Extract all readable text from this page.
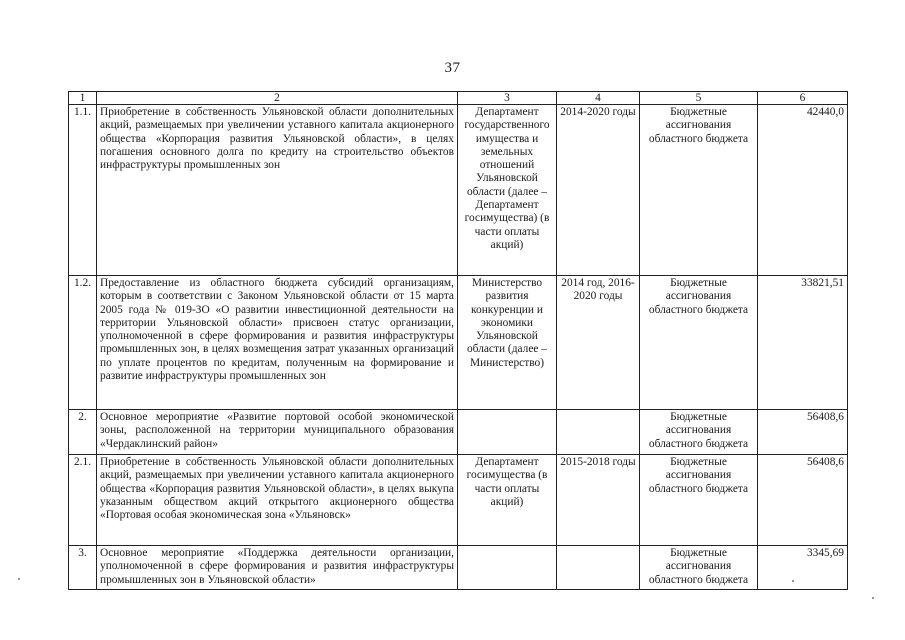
37
1	2	3	4	5	6
1.1.	Приобретение в собственность Ульяновской области дополнительных акций, размещаемых при увеличении уставного капитала акционерного общества «Корпорация развития Ульяновской области», в целях погашения основного долга по кредиту на строительство объектов инфраструктуры промышленных зон	Департамент государственного имущества и земельных отношений Ульяновской области (далее – Департамент госимущества) (в части оплаты акций)	2014-2020 годы	Бюджетные ассигнования областного бюджета	42440,0
1.2.	Предоставление из областного бюджета субсидий организациям, которым в соответствии с Законом Ульяновской области от 15 марта 2005 года № 019-ЗО «О развитии инвестиционной деятельности на территории Ульяновской области» присвоен статус организации, уполномоченной в сфере формирования и развития инфраструктуры промышленных зон, в целях возмещения затрат указанных организаций по уплате процентов по кредитам, полученным на формирование и развитие инфраструктуры промышленных зон	Министерство развития конкуренции и экономики Ульяновской области (далее – Министерство)	2014 год, 2016-2020 годы	Бюджетные ассигнования областного бюджета	33821,51
2.	Основное мероприятие «Развитие портовой особой экономической зоны, расположенной на территории муниципального образования «Чердаклинский район»			Бюджетные ассигнования областного бюджета	56408,6
2.1.	Приобретение в собственность Ульяновской области дополнительных акций, размещаемых при увеличении уставного капитала акционерного общества «Корпорация развития Ульяновской области», в целях выкупа указанным обществом акций открытого акционерного общества «Портовая особая экономическая зона «Ульяновск»	Департамент госимущества (в части оплаты акций)	2015-2018 годы	Бюджетные ассигнования областного бюджета	56408,6
3.	Основное мероприятие «Поддержка деятельности организации, уполномоченной в сфере формирования и развития инфраструктуры промышленных зон в Ульяновской области»			Бюджетные ассигнования областного бюджета	3345,69
